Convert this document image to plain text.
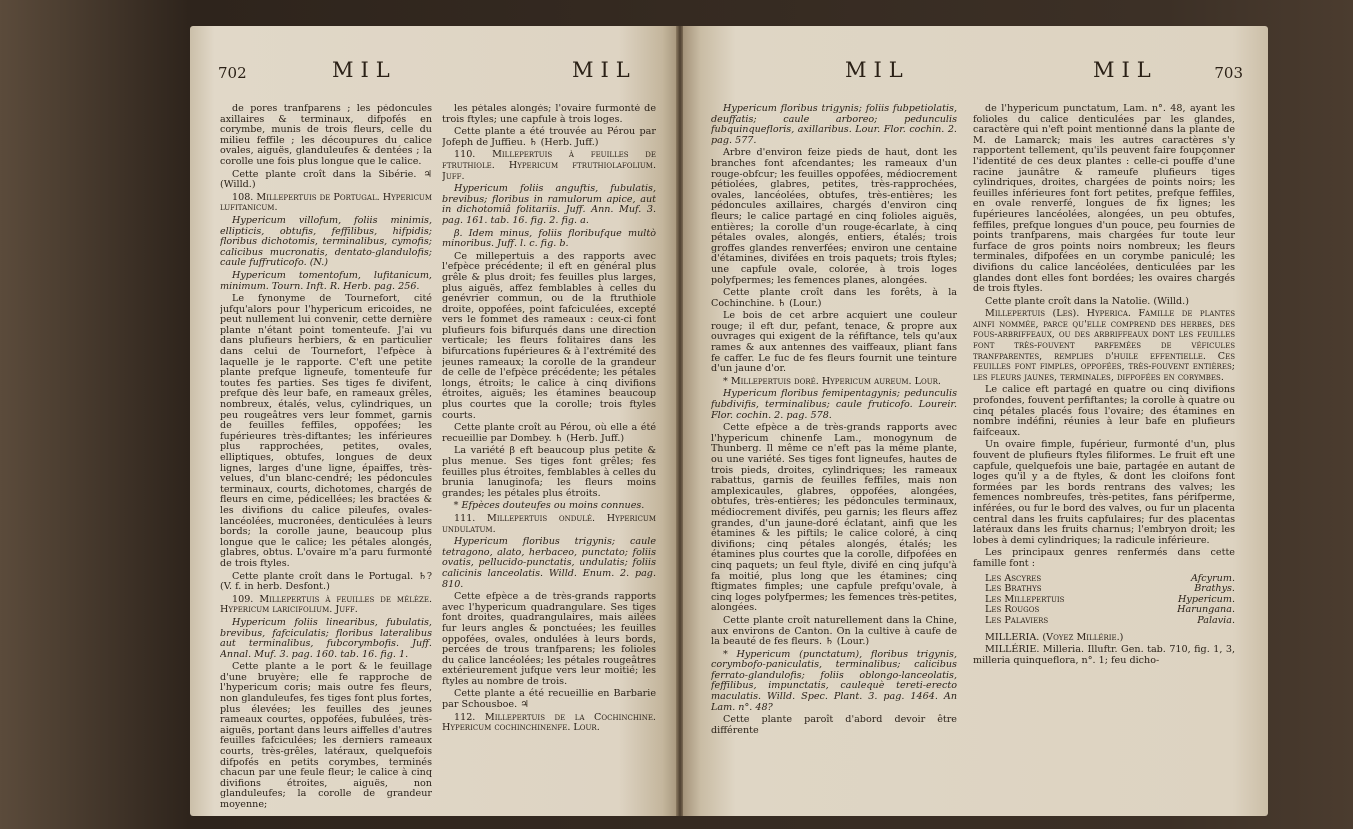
702	MIL	MIL

de pores tranfparens ; les pédoncules axillaires & terminaux, difpofés en corymbe, munis de trois fleurs, celle du milieu feffile ; les découpures du calice ovales, aiguës, glanduleufes & dentées ; la corolle une fois plus longue que le calice.

Cette plante croît dans la Sibérie. ♃ (Willd.)

108. Millepertuis de Portugal. Hypericum lufitanicum.

Hypericum villofum, foliis minimis, ellipticis, obtufis, feffilibus, hifpidis; floribus dichotomis, terminalibus, cymofis; calicibus mucronatis, dentato-glandulofis; caule fuffruticofo. (N.)

Hypericum tomentofum, lufitanicum, minimum. Tourn. Inft. R. Herb. pag. 256.

Le fynonyme de Tournefort, cité jufqu'alors pour l'hypericum ericoides, ne peut nullement lui convenir, cette dernière plante n'étant point tomenteufe. J'ai vu dans plufieurs herbiers, & en particulier dans celui de Tournefort, l'efpèce à laquelle je le rapporte. C'eft une petite plante prefque ligneufe, tomenteufe fur toutes fes parties. Ses tiges fe divifent, prefque dès leur bafe, en rameaux grêles, nombreux, étalés, velus, cylindriques, un peu rougeâtres vers leur fommet, garnis de feuilles feffiles, oppofées; les fupérieures très-diftantes; les inférieures plus rapprochées, petites, ovales, elliptiques, obtufes, longues de deux lignes, larges d'une ligne, épaiffes, très-velues, d'un blanc-cendré; les pédoncules terminaux, courts, dichotomes, chargés de fleurs en cime, pédicellées; les bractées & les divifions du calice pileufes, ovales-lancéolées, mucronées, denticulées à leurs bords; la corolle jaune, beaucoup plus longue que le calice; les pétales alongés, glabres, obtus. L'ovaire m'a paru furmonté de trois ftyles.

Cette plante croît dans le Portugal. ♄? (V. f. in herb. Desfont.)

109. Millepertuis à feuilles de mélèze. Hypericum laricifolium. Juff.

Hypericum foliis linearibus, fubulatis, brevibus, fafciculatis; floribus lateralibus aut terminalibus, fubcorymbofis. Juff. Annal. Muf. 3. pag. 160. tab. 16. fig. 1.

Cette plante a le port & le feuillage d'une bruyère; elle fe rapproche de l'hypericum coris; mais outre fes fleurs, non glanduleufes, fes tiges font plus fortes, plus élevées; les feuilles des jeunes rameaux courtes, oppofées, fubulées, très-aiguës, portant dans leurs aiffelles d'autres feuilles fafciculées; les derniers rameaux courts, très-grêles, latéraux, quelquefois difpofés en petits corymbes, terminés chacun par une feule fleur; le calice à cinq divifions étroites, aiguës, non glanduleufes; la corolle de grandeur moyenne;

les pétales alongés; l'ovaire furmonté de trois ftyles; une capfule à trois loges.

Cette plante a été trouvée au Pérou par Jofeph de Juffieu. ♄ (Herb. Juff.)

110. Millepertuis à feuilles de ftruthiole. Hypericum ftruthiolafolium. Juff.

Hypericum foliis anguftis, fubulatis, brevibus; floribus in ramulorum apice, aut in dichotomiâ folitariis. Juff. Ann. Muf. 3. pag. 161. tab. 16. fig. 2. fig. a.

β. Idem minus, foliis floribufque multò minoribus. Juff. l. c. fig. b.

Ce millepertuis a des rapports avec l'efpèce précédente; il eft en général plus grêle & plus droit; fes feuilles plus larges, plus aiguës, affez femblables à celles du genévrier commun, ou de la ftruthiole droite, oppofées, point fafciculées, excepté vers le fommet des rameaux : ceux-ci font plufieurs fois bifurqués dans une direction verticale; les fleurs folitaires dans les bifurcations fupérieures & à l'extrémité des jeunes rameaux; la corolle de la grandeur de celle de l'efpèce précédente; les pétales longs, étroits; le calice à cinq divifions étroites, aiguës; les étamines beaucoup plus courtes que la corolle; trois ftyles courts.

Cette plante croît au Pérou, où elle a été recueillie par Dombey. ♄ (Herb. Juff.)

La variété β eft beaucoup plus petite & plus menue. Ses tiges font grêles; fes feuilles plus étroites, femblables à celles du brunia lanuginofa; les fleurs moins grandes; les pétales plus étroits.

* Efpèces douteufes ou moins connues.

111. Millepertuis ondulé. Hypericum undulatum.

Hypericum floribus trigynis; caule tetragono, alato, herbaceo, punctato; foliis ovatis, pellucido-punctatis, undulatis; foliis calicinis lanceolatis. Willd. Enum. 2. pag. 810.

Cette efpèce a de très-grands rapports avec l'hypericum quadrangulare. Ses tiges font droites, quadrangulaires, mais ailées fur leurs angles & ponctuées; les feuilles oppofées, ovales, ondulées à leurs bords, percées de trous tranfparens; les folioles du calice lancéolées; les pétales rougeâtres extérieurement jufque vers leur moitié; les ftyles au nombre de trois.

Cette plante a été recueillie en Barbarie par Schousboe. ♃

112. Millepertuis de la Cochinchine. Hypericum cochinchinenfe. Lour.

MIL	MIL	703

Hypericum floribus trigynis; foliis fubpetiolatis, deuffatis; caule arboreo; pedunculis fubquinquefloris, axillaribus. Lour. Flor. cochin. 2. pag. 577.

Arbre d'environ feize pieds de haut, dont les branches font afcendantes; les rameaux d'un rouge-obfcur; les feuilles oppofées, médiocrement pétiolées, glabres, petites, très-rapprochées, ovales, lancéolées, obtufes, très-entières; les pédoncules axillaires, chargés d'environ cinq fleurs; le calice partagé en cinq folioles aiguës, entières; la corolle d'un rouge-écarlate, à cinq pétales ovales, alongés, entiers, étalés; trois groffes glandes renverfées; environ une centaine d'étamines, divifées en trois paquets; trois ftyles; une capfule ovale, colorée, à trois loges polyfpermes; les femences planes, alongées.

Cette plante croît dans les forêts, à la Cochinchine. ♄ (Lour.)

Le bois de cet arbre acquiert une couleur rouge; il eft dur, pefant, tenace, & propre aux ouvrages qui exigent de la réfiftance, tels qu'aux rames & aux antennes des vaiffeaux, pliant fans fe caffer. Le fuc de fes fleurs fournit une teinture d'un jaune d'or.

* Millepertuis doré. Hypericum aureum. Lour.

Hypericum floribus femipentagynis; pedunculis fubdivifis, terminalibus; caule fruticofo. Loureir. Flor. cochin. 2. pag. 578.

Cette efpèce a de très-grands rapports avec l'hypericum chinenfe Lam., monogynum de Thunberg. Il même ce n'eft pas la même plante, ou une variété. Ses tiges font ligneufes, hautes de trois pieds, droites, cylindriques; les rameaux rabattus, garnis de feuilles feffiles, mais non amplexicaules, glabres, oppofées, alongées, obtufes, très-entières; les pédoncules terminaux, médiocrement divifés, peu garnis; les fleurs affez grandes, d'un jaune-doré éclatant, ainfi que les étamines & les piftils; le calice coloré, à cinq divifions; cinq pétales alongés, étalés; les étamines plus courtes que la corolle, difpofées en cinq paquets; un feul ftyle, divifé en cinq jufqu'à fa moitié, plus long que les étamines; cinq ftigmates fimples; une capfule prefqu'ovale, à cinq loges polyfpermes; les femences très-petites, alongées.

Cette plante croît naturellement dans la Chine, aux environs de Canton. On la cultive à caufe de la beauté de fes fleurs. ♄ (Lour.)

* Hypericum (punctatum), floribus trigynis, corymbofo-paniculatis, terminalibus; calicibus ferrato-glandulofis; foliis oblongo-lanceolatis, feffilibus, impunctatis, caulequè tereti-erecto maculatis. Willd. Spec. Plant. 3. pag. 1464. An Lam. n°. 48?

Cette plante paroît d'abord devoir être différente

de l'hypericum punctatum, Lam. n°. 48, ayant les folioles du calice denticulées par les glandes, caractère qui n'eft point mentionné dans la plante de M. de Lamarck; mais les autres caractères s'y rapportent tellement, qu'ils peuvent faire foupçonner l'identité de ces deux plantes : celle-ci pouffe d'une racine jaunâtre & rameufe plufieurs tiges cylindriques, droites, chargées de points noirs; les feuilles inférieures font fort petites, prefque feffiles, en ovale renverfé, longues de fix lignes; les fupérieures lancéolées, alongées, un peu obtufes, feffiles, prefque longues d'un pouce, peu fournies de points tranfparens, mais chargées fur toute leur furface de gros points noirs nombreux; les fleurs terminales, difpofées en un corymbe paniculé; les divifions du calice lancéolées, denticulées par les glandes dont elles font bordées; les ovaires chargés de trois ftyles.

Cette plante croît dans la Natolie. (Willd.)

Millepertuis (Les). Hyperica. Famille de plantes ainfi nommée, parce qu'elle comprend des herbes, des fous-arbriffeaux, ou des arbriffeaux dont les feuilles font très-fouvent parfemées de véficules tranfparentes, remplies d'huile effentielle. Ces feuilles font fimples, oppofées, très-fouvent entières; les fleurs jaunes, terminales, difpofées en corymbes.

Le calice eft partagé en quatre ou cinq divifions profondes, fouvent perfiftantes; la corolle à quatre ou cinq pétales placés fous l'ovaire; des étamines en nombre indéfini, réunies à leur bafe en plufieurs faifceaux.

Un ovaire fimple, fupérieur, furmonté d'un, plus fouvent de plufieurs ftyles filiformes. Le fruit eft une capfule, quelquefois une baie, partagée en autant de loges qu'il y a de ftyles, & dont les cloifons font formées par les bords rentrans des valves; les femences nombreufes, très-petites, fans périfperme, inférées, ou fur le bord des valves, ou fur un placenta central dans les fruits capfulaires; fur des placentas latéraux dans les fruits charnus; l'embryon droit; les lobes à demi cylindriques; la radicule inférieure.

Les principaux genres renfermés dans cette famille font :

Les Ascyres	Afcyrum.
Les Brathys	Brathys.
Les Millepertuis	Hypericum.
Les Rougos	Harungana.
Les Palaviers	Palavia.

MILLERIA. (Voyez Millérie.)

MILLÉRIE. Milleria. Illuftr. Gen. tab. 710, fig. 1, 3, milleria quinqueflora, n°. 1; feu dicho-
